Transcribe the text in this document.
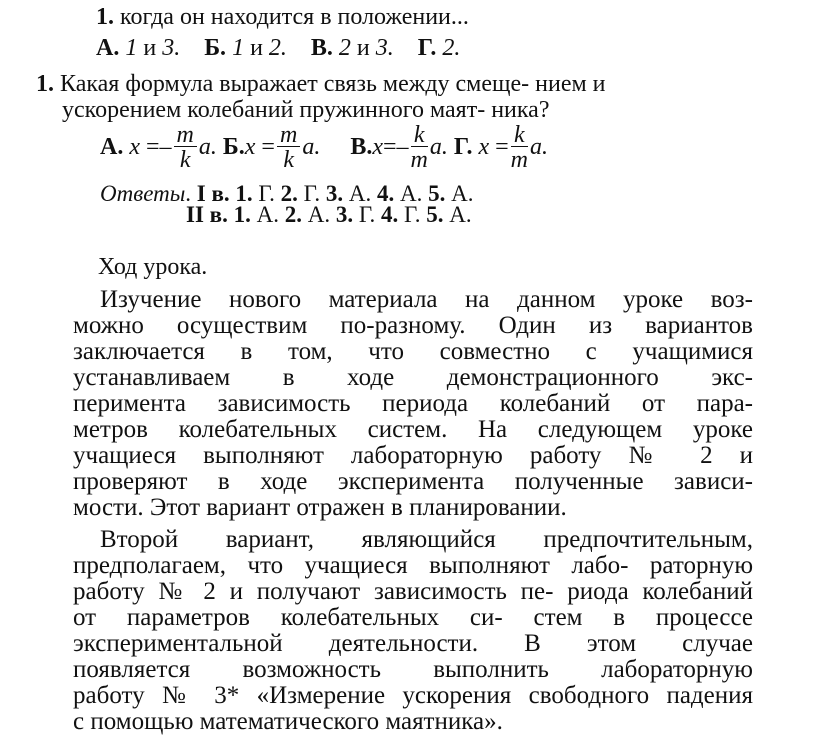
1. когда он находится в положении...
А. 1 и 3. Б. 1 и 2. В. 2 и 3. Г. 2.
1. Какая формула выражает связь между смеще- нием и
ускорением колебаний пружинного маят- ника?
А. $x =- \frac{m}{k} a$. $Б.x = \frac{m}{k} a$. $В.x=- \frac{k}{m} a$. Г. $x = \frac{k}{m} a$.
Ответы. I в. 1. Г. 2. Г. 3. А. 4. А. 5. А.
II в. 1. А. 2. А. 3. Г. 4. Г. 5. А.
Ход урока.
Изучение нового материала на данном уроке воз-
можно осуществим по-разному. Один из вариантов
заключается в том, что совместно с учащимися
устанавливаем в ходе демонстрационного экс-
перимента зависимость периода колебаний от пара-
метров колебательных систем. На следующем уроке
учащиеся выполняют лабораторную работу № 2 и
проверяют в ходе эксперимента полученные зависи-
мости. Этот вариант отражен в планировании.
Второй вариант, являющийся предпочтительным,
предполагаем, что учащиеся выполняют лабо- раторную
работу № 2 и получают зависимость пе- риода колебаний
от параметров колебательных си- стем в процессе
экспериментальной деятельности. В этом случае
появляется возможность выполнить лабораторную
работу № 3* «Измерение ускорения свободного падения
с помощью математического маятника».
